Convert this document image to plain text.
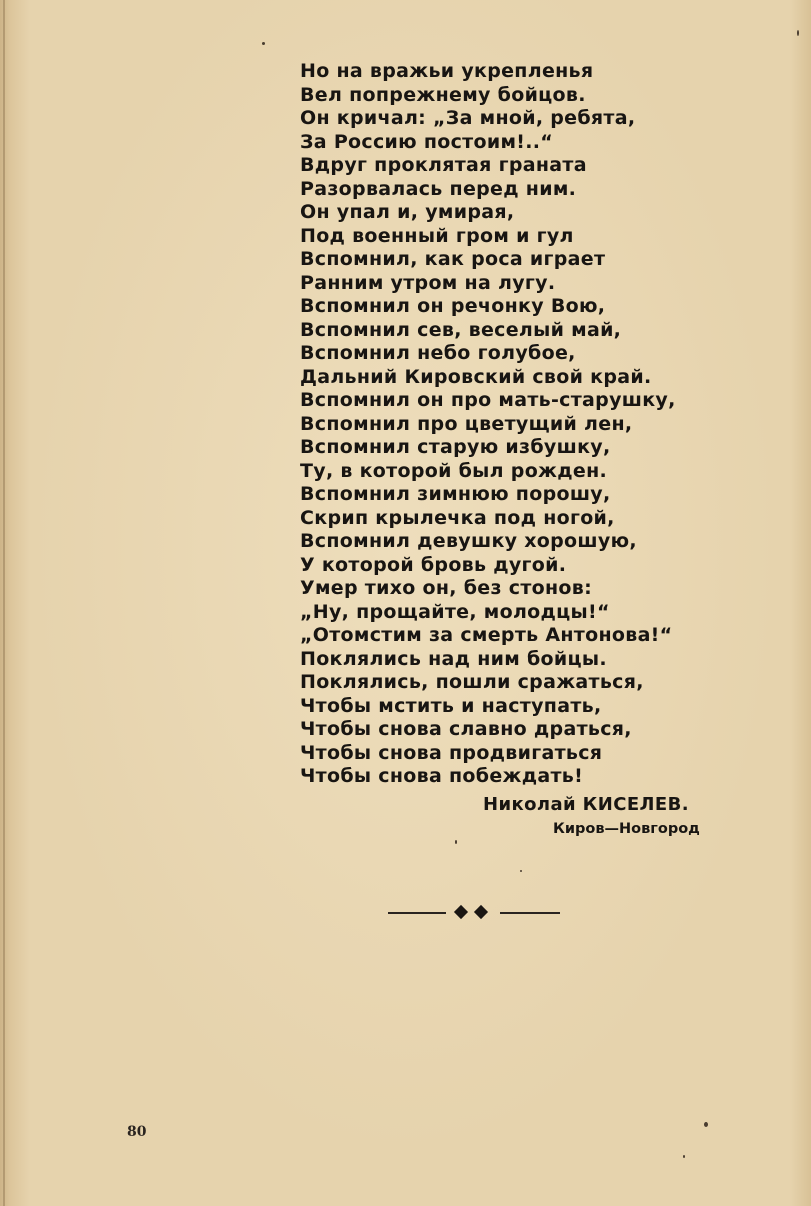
Но на вражьи укрепленья
Вел попрежнему бойцов.
Он кричал: „За мной, ребята,
За Россию постоим!..“
Вдруг проклятая граната
Разорвалась перед ним.
Он упал и, умирая,
Под военный гром и гул
Вспомнил, как роса играет
Ранним утром на лугу.
Вспомнил он речонку Вою,
Вспомнил сев, веселый май,
Вспомнил небо голубое,
Дальний Кировский свой край.
Вспомнил он про мать-старушку,
Вспомнил про цветущий лен,
Вспомнил старую избушку,
Ту, в которой был рожден.
Вспомнил зимнюю порошу,
Скрип крылечка под ногой,
Вспомнил девушку хорошую,
У которой бровь дугой.
Умер тихо он, без стонов:
„Ну, прощайте, молодцы!“
„Отомстим за смерть Антонова!“
Поклялись над ним бойцы.
Поклялись, пошли сражаться,
Чтобы мстить и наступать,
Чтобы снова славно драться,
Чтобы снова продвигаться
Чтобы снова побеждать!
Николай КИСЕЛЕВ.
Киров—Новгород
80
